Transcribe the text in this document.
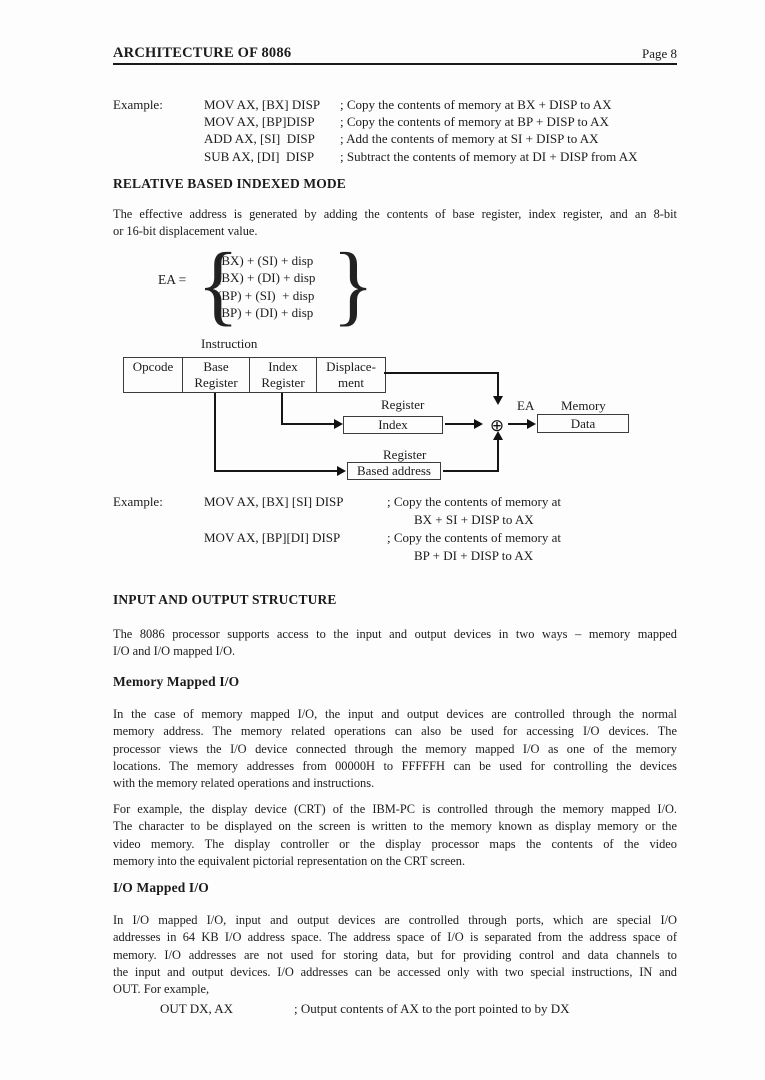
ARCHITECTURE OF 8086	Page 8
Example:	MOV AX, [BX] DISP ; Copy the contents of memory at BX + DISP to AX
MOV AX, [BP]DISP ; Copy the contents of memory at BP + DISP to AX
ADD AX, [SI]  DISP ; Add the contents of memory at SI + DISP to AX
SUB AX, [DI]  DISP ; Subtract the contents of memory at DI + DISP from AX
RELATIVE BASED INDEXED MODE
The effective address is generated by adding the contents of base register, index register, and an 8-bit
or 16-bit displacement value.
EA = {
(BX) + (SI) + disp
(BX) + (DI) + disp
(BP) + (SI)  + disp
(BP) + (DI) + disp }
Instruction
Opcode Base
Register
Index
Register
Displace-
ment
Register
Index
Register
Based address
⊕
EA Memory
Data
Example:	MOV AX, [BX] [SI] DISP	; Copy the contents of memory at
BX + SI + DISP to AX
MOV AX, [BP][DI] DISP	; Copy the contents of memory at
BP + DI + DISP to AX
INPUT AND OUTPUT STRUCTURE
The 8086 processor supports access to the input and output devices in two ways – memory mapped
I/O and I/O mapped I/O.
Memory Mapped I/O
In the case of memory mapped I/O, the input and output devices are controlled through the normal
memory address. The memory related operations can also be used for accessing I/O devices. The
processor views the I/O device connected through the memory mapped I/O as one of the memory
locations. The memory addresses from 00000H to FFFFFH can be used for controlling the devices
with the memory related operations and instructions.
For example, the display device (CRT) of the IBM-PC is controlled through the memory mapped I/O.
The character to be displayed on the screen is written to the memory known as display memory or the
video memory. The display controller or the display processor maps the contents of the video
memory into the equivalent pictorial representation on the CRT screen.
I/O Mapped I/O
In I/O mapped I/O, input and output devices are controlled through ports, which are special I/O
addresses in 64 KB I/O address space. The address space of I/O is separated from the address space of
memory. I/O addresses are not used for storing data, but for providing control and data channels to
the input and output devices. I/O addresses can be accessed only with two special instructions, IN and
OUT. For example,
OUT DX, AX	; Output contents of AX to the port pointed to by DX
